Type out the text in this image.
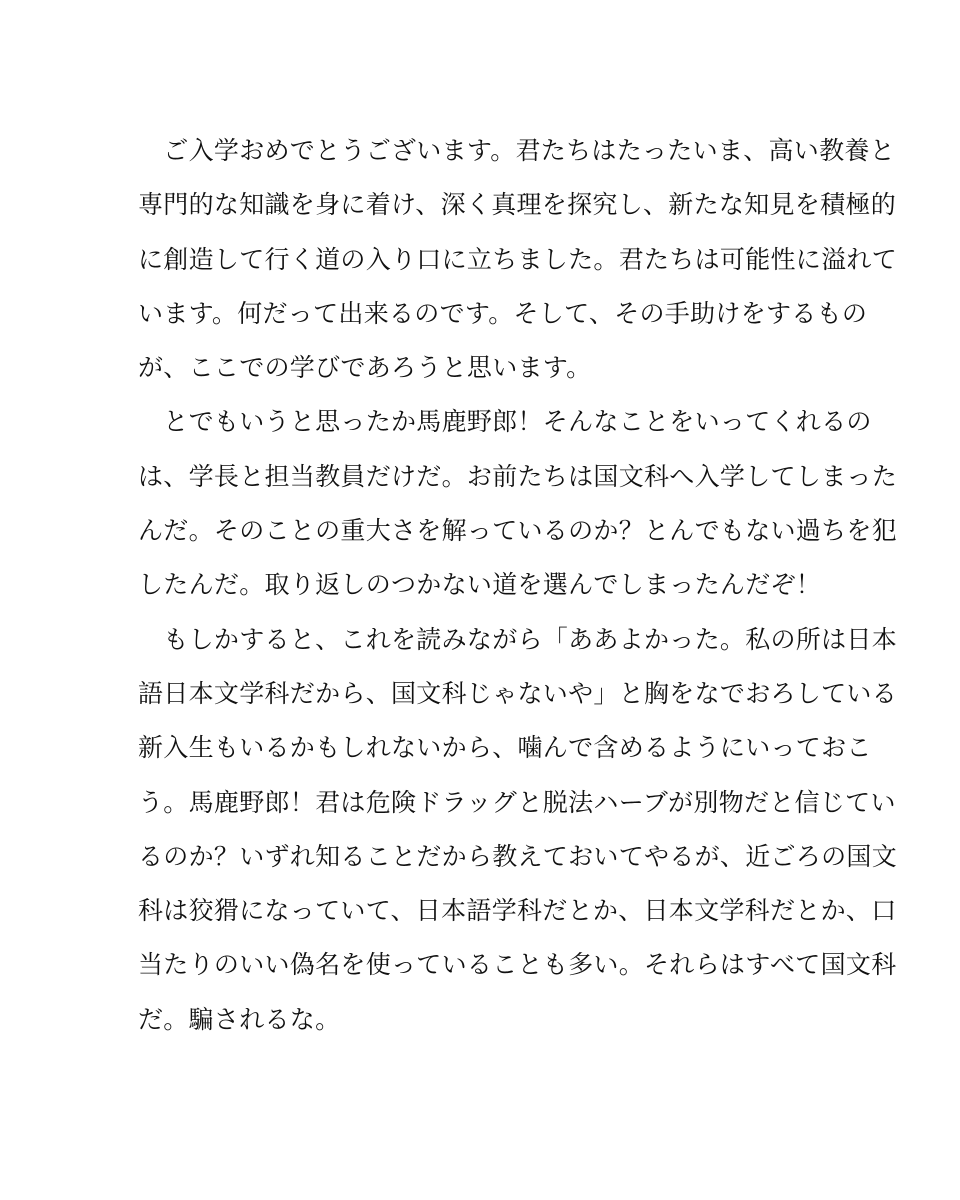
　ご入学おめでとうございます。君たちはたったいま、高い教養と
専門的な知識を身に着け、深く真理を探究し、新たな知見を積極的
に創造して行く道の入り口に立ちました。君たちは可能性に溢れて
います。何だって出来るのです。そして、その手助けをするもの
が、ここでの学びであろうと思います。
　とでもいうと思ったか馬鹿野郎！そんなことをいってくれるの
は、学長と担当教員だけだ。お前たちは国文科へ入学してしまった
んだ。そのことの重大さを解っているのか？とんでもない過ちを犯
したんだ。取り返しのつかない道を選んでしまったんだぞ！
　もしかすると、これを読みながら「ああよかった。私の所は日本
語日本文学科だから、国文科じゃないや」と胸をなでおろしている
新入生もいるかもしれないから、噛んで含めるようにいっておこ
う。馬鹿野郎！君は危険ドラッグと脱法ハーブが別物だと信じてい
るのか？いずれ知ることだから教えておいてやるが、近ごろの国文
科は狡猾になっていて、日本語学科だとか、日本文学科だとか、口
当たりのいい偽名を使っていることも多い。それらはすべて国文科
だ。騙されるな。
